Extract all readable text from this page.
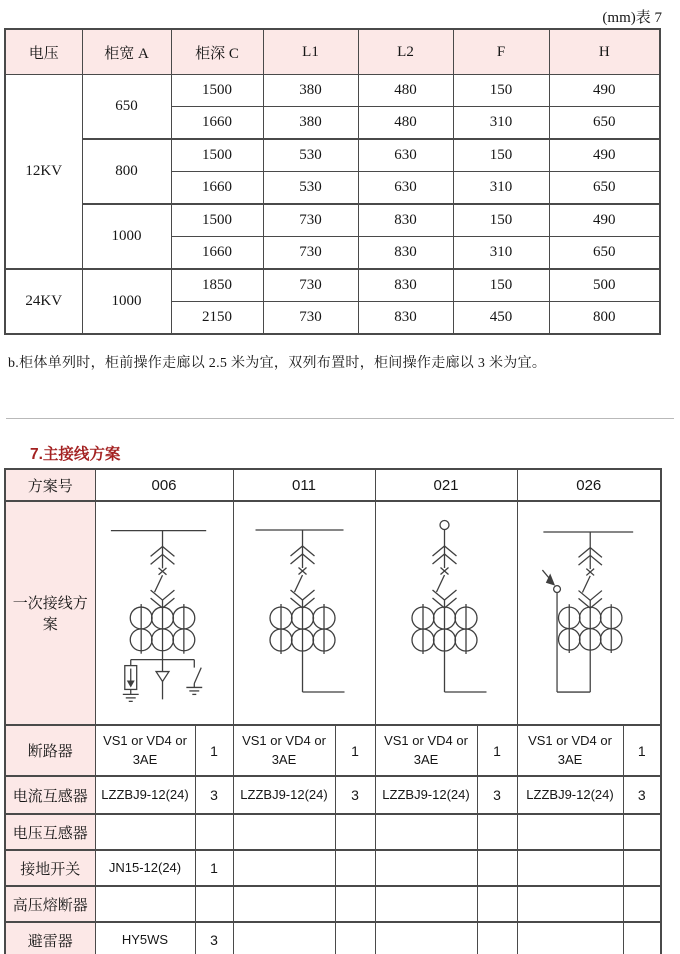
(mm)表 7
电压	柜宽 A	柜深 C	L1	L2	F	H
12KV	650	1500	380	480	150	490
		1660	380	480	310	650
	800	1500	530	630	150	490
		1660	530	630	310	650
	1000	1500	730	830	150	490
		1660	730	830	310	650
24KV	1000	1850	730	830	150	500
		2150	730	830	450	800
b.柜体单列时，柜前操作走廊以 2.5 米为宜，双列布置时，柜间操作走廊以 3 米为宜。
7.主接线方案
方案号	006		011		021		026	
一次接线方案	

断路器	VS1 or VD4 or 3AE	1	VS1 or VD4 or 3AE	1	VS1 or VD4 or 3AE	1	VS1 or VD4 or 3AE	1
电流互感器	LZZBJ9-12(24)	3	LZZBJ9-12(24)	3	LZZBJ9-12(24)	3	LZZBJ9-12(24)	3
电压互感器								
接地开关	JN15-12(24)	1						
高压熔断器								
避雷器	HY5WS	3						
